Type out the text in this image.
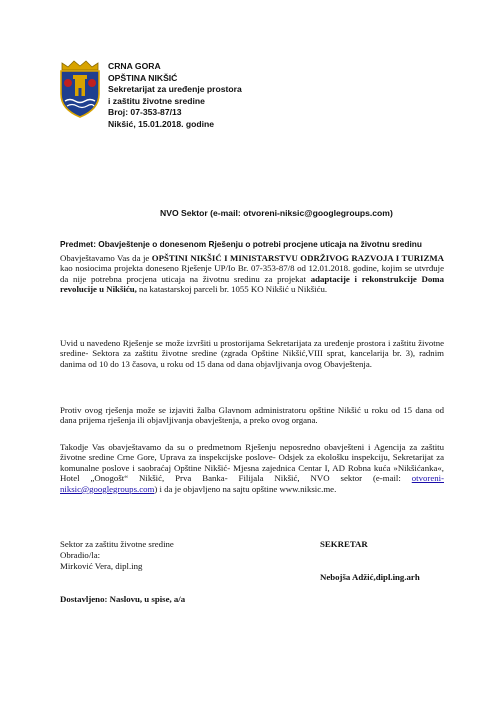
CRNA GORA
OPŠTINA NIKŠIĆ
Sekretarijat za uređenje prostora
i zaštitu životne sredine
Broj: 07-353-87/13
Nikšić, 15.01.2018. godine
NVO Sektor (e-mail: otvoreni-niksic@googlegroups.com)
Predmet: Obavještenje o donesenom Rješenju o potrebi procjene uticaja na životnu sredinu
Obavještavamo Vas da je OPŠTINI NIKŠIĆ I MINISTARSTVU ODRŽIVOG RAZVOJA I TURIZMA kao nosiocima projekta doneseno Rješenje UP/Io Br. 07-353-87/8 od 12.01.2018. godine, kojim se utvrđuje da nije potrebna procjena uticaja na životnu sredinu za projekat adaptacije i rekonstrukcije Doma revolucije u Nikšiću, na katastarskoj parceli br. 1055 KO Nikšić u Nikšiću.
Uvid u navedeno Rješenje se može izvršiti u prostorijama Sekretarijata za uređenje prostora i zaštitu životne sredine- Sektora za zaštitu životne sredine (zgrada Opštine Nikšić,VIII sprat, kancelarija br. 3), radnim danima od 10 do 13 časova, u roku od 15 dana od dana objavljivanja ovog Obavještenja.
Protiv ovog rješenja može se izjaviti žalba Glavnom administratoru opštine Nikšić u roku od 15 dana od dana prijema rješenja ili objavljivanja obavještenja, a preko ovog organa.
Takodje Vas obavještavamo da su o predmetnom Rješenju neposredno obavješteni i Agencija za zaštitu životne sredine Crne Gore, Uprava za inspekcijske poslove- Odsjek za ekološku inspekciju, Sekretarijat za komunalne poslove i saobraćaj Opštine Nikšić- Mjesna zajednica Centar I, AD Robna kuća »Nikšićanka«, Hotel „Onogošt“ Nikšić, Prva Banka- Filijala Nikšić, NVO sektor (e-mail: otvoreni-niksic@googlegroups.com) i da je objavljeno na sajtu opštine www.niksic.me.
Sektor za zaštitu životne sredine
Obradio/la:
Mirković Vera, dipl.ing
SEKRETAR
Nebojša Adžić,dipl.ing.arh
Dostavljeno: Naslovu, u spise, a/a
